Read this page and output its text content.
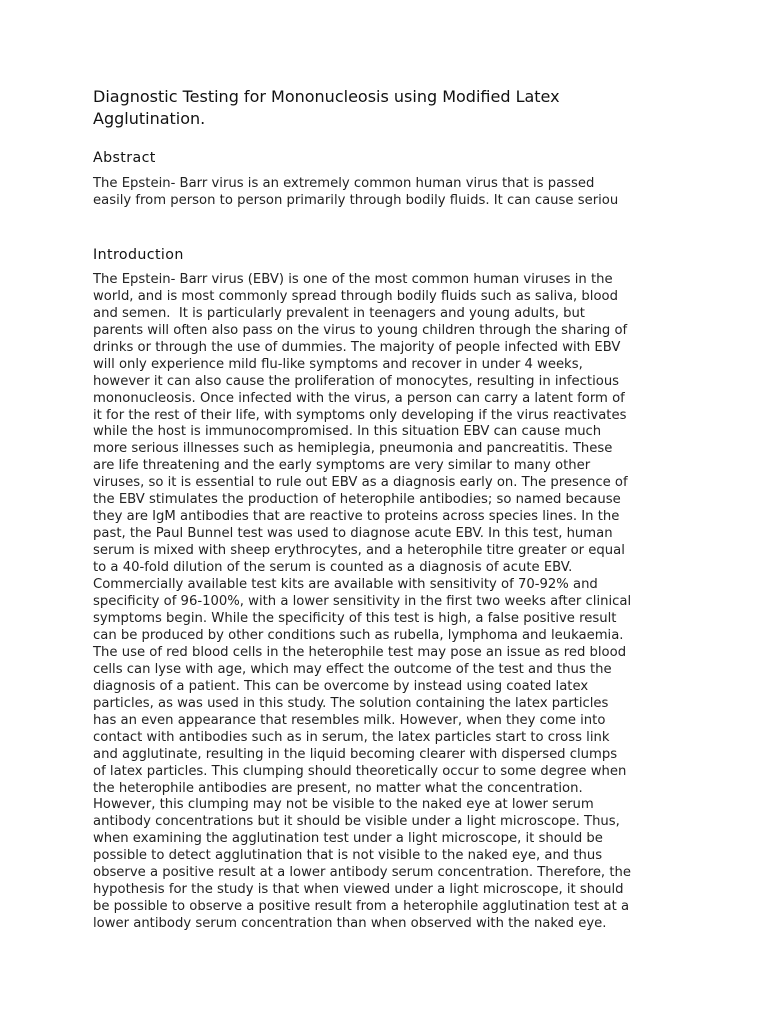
Diagnostic Testing for Mononucleosis using Modified Latex
Agglutination.
Abstract

The Epstein- Barr virus is an extremely common human virus that is passed
easily from person to person primarily through bodily fluids. It can cause seriou

Introduction

The Epstein- Barr virus (EBV) is one of the most common human viruses in the
world, and is most commonly spread through bodily fluids such as saliva, blood
and semen.  It is particularly prevalent in teenagers and young adults, but
parents will often also pass on the virus to young children through the sharing of
drinks or through the use of dummies. The majority of people infected with EBV
will only experience mild flu-like symptoms and recover in under 4 weeks,
however it can also cause the proliferation of monocytes, resulting in infectious
mononucleosis. Once infected with the virus, a person can carry a latent form of
it for the rest of their life, with symptoms only developing if the virus reactivates
while the host is immunocompromised. In this situation EBV can cause much
more serious illnesses such as hemiplegia, pneumonia and pancreatitis. These
are life threatening and the early symptoms are very similar to many other
viruses, so it is essential to rule out EBV as a diagnosis early on. The presence of
the EBV stimulates the production of heterophile antibodies; so named because
they are IgM antibodies that are reactive to proteins across species lines. In the
past, the Paul Bunnel test was used to diagnose acute EBV. In this test, human
serum is mixed with sheep erythrocytes, and a heterophile titre greater or equal
to a 40-fold dilution of the serum is counted as a diagnosis of acute EBV.
Commercially available test kits are available with sensitivity of 70-92% and
specificity of 96-100%, with a lower sensitivity in the first two weeks after clinical
symptoms begin. While the specificity of this test is high, a false positive result
can be produced by other conditions such as rubella, lymphoma and leukaemia.
The use of red blood cells in the heterophile test may pose an issue as red blood
cells can lyse with age, which may effect the outcome of the test and thus the
diagnosis of a patient. This can be overcome by instead using coated latex
particles, as was used in this study. The solution containing the latex particles
has an even appearance that resembles milk. However, when they come into
contact with antibodies such as in serum, the latex particles start to cross link
and agglutinate, resulting in the liquid becoming clearer with dispersed clumps
of latex particles. This clumping should theoretically occur to some degree when
the heterophile antibodies are present, no matter what the concentration.
However, this clumping may not be visible to the naked eye at lower serum
antibody concentrations but it should be visible under a light microscope. Thus,
when examining the agglutination test under a light microscope, it should be
possible to detect agglutination that is not visible to the naked eye, and thus
observe a positive result at a lower antibody serum concentration. Therefore, the
hypothesis for the study is that when viewed under a light microscope, it should
be possible to observe a positive result from a heterophile agglutination test at a
lower antibody serum concentration than when observed with the naked eye.
